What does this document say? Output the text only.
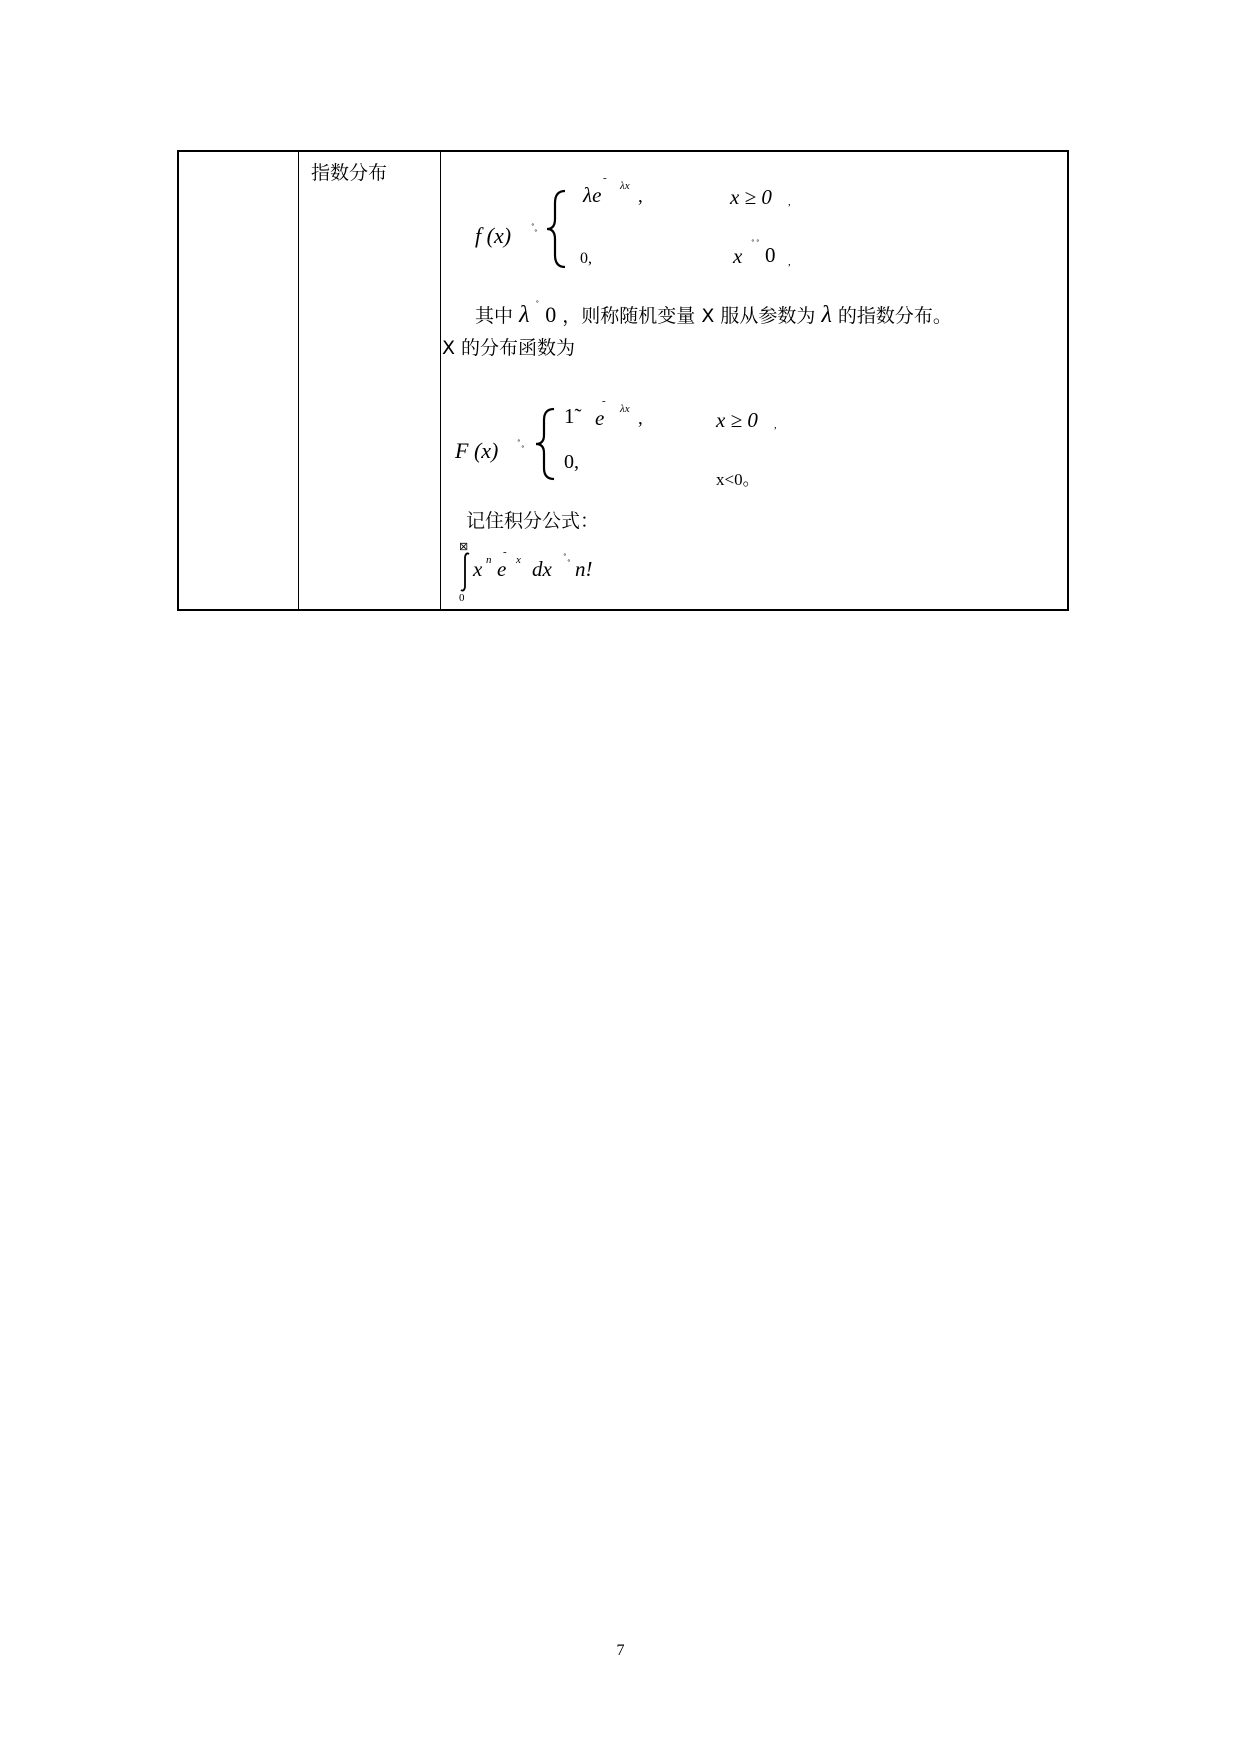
指数分布
f (x) ˚ ˚
λe
-
λx ,	x ≥ 0 ,
0,	x ˚ ˚ 0 ,
其中 λ ˚ 0 ，则称随机变量 X 服从参数为 λ 的指数分布。
X 的分布函数为
F (x) ˚ ˚
1̃ e
-
λx ,	x ≥ 0 ,
0,
x<0。
记住积分公式：
⊠
0
x n e
-
x dx ˚ ˚ n!
7
